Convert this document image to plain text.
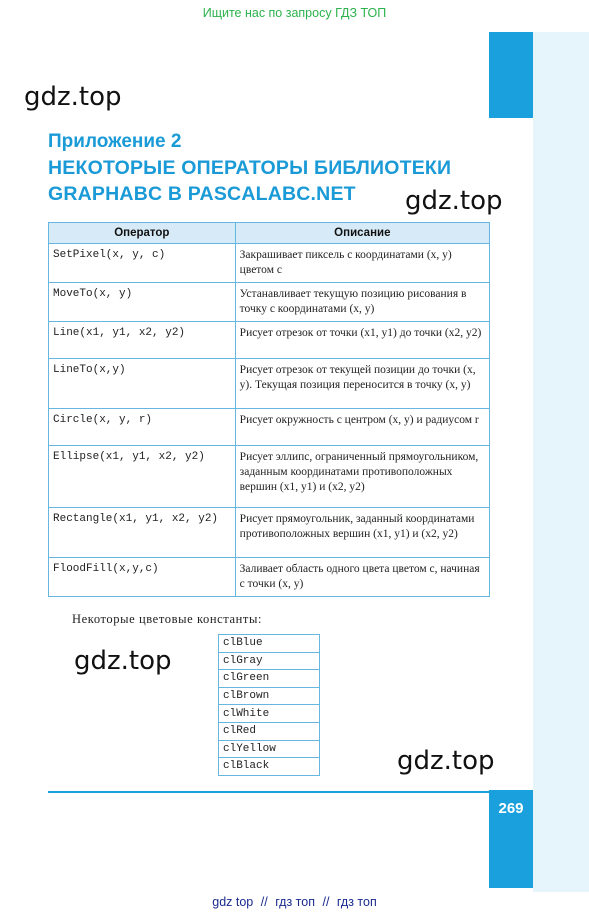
Ищите нас по запросу ГДЗ ТОП
269
gdz.top
gdz.top
gdz.top
gdz.top
Приложение 2
НЕКОТОРЫЕ ОПЕРАТОРЫ БИБЛИОТЕКИ
GRAPHABC В PASCALABC.NET
Оператор	Описание
SetPixel(x, y, c)	Закрашивает пиксель с координатами (x, y) цветом c
MoveTo(x, y)	Устанавливает текущую позицию рисования в точку с координатами (x, y)
Line(x1, y1, x2, y2)	Рисует отрезок от точки (x1, y1) до точки (x2, y2)
LineTo(x,y)	Рисует отрезок от текущей позиции до точки (x, y). Текущая позиция переносится в точку (x, y)
Circle(x, y, r)	Рисует окружность с центром (x, y) и радиусом r
Ellipse(x1, y1, x2, y2)	Рисует эллипс, ограниченный прямоугольником, заданным координатами противоположных вершин (x1, y1) и (x2, y2)
Rectangle(x1, y1, x2, y2)	Рисует прямоугольник, заданный координатами противоположных вершин (x1, y1) и (x2, y2)
FloodFill(x,y,c)	Заливает область одного цвета цветом c, начиная с точки (x, y)
Некоторые цветовые константы:
clBlue
clGray
clGreen
clBrown
clWhite
clRed
clYellow
clBlack
gdz top // гдз топ // гдз топ
